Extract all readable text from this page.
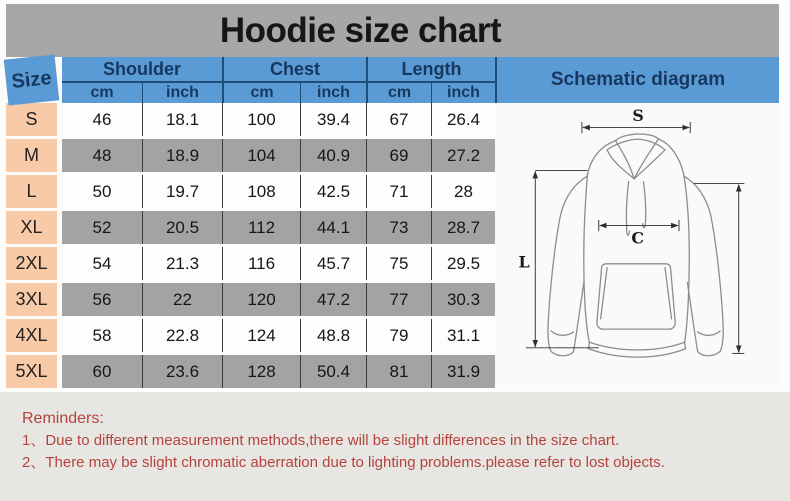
Hoodie size chart
Size	Shoulder	Chest	Length
cm	inch	cm	inch	cm	inch
S	46	18.1	100	39.4	67	26.4
M	48	18.9	104	40.9	69	27.2
L	50	19.7	108	42.5	71	28
XL	52	20.5	112	44.1	73	28.7
2XL	54	21.3	116	45.7	75	29.5
3XL	56	22	120	47.2	77	30.3
4XL	58	22.8	124	48.8	79	31.1
5XL	60	23.6	128	50.4	81	31.9
Schematic diagram
S
C
L
Reminders:
1、Due to different measurement methods,there will be slight differences in the size chart.
2、There may be slight chromatic aberration due to lighting problems.please refer to lost objects.
